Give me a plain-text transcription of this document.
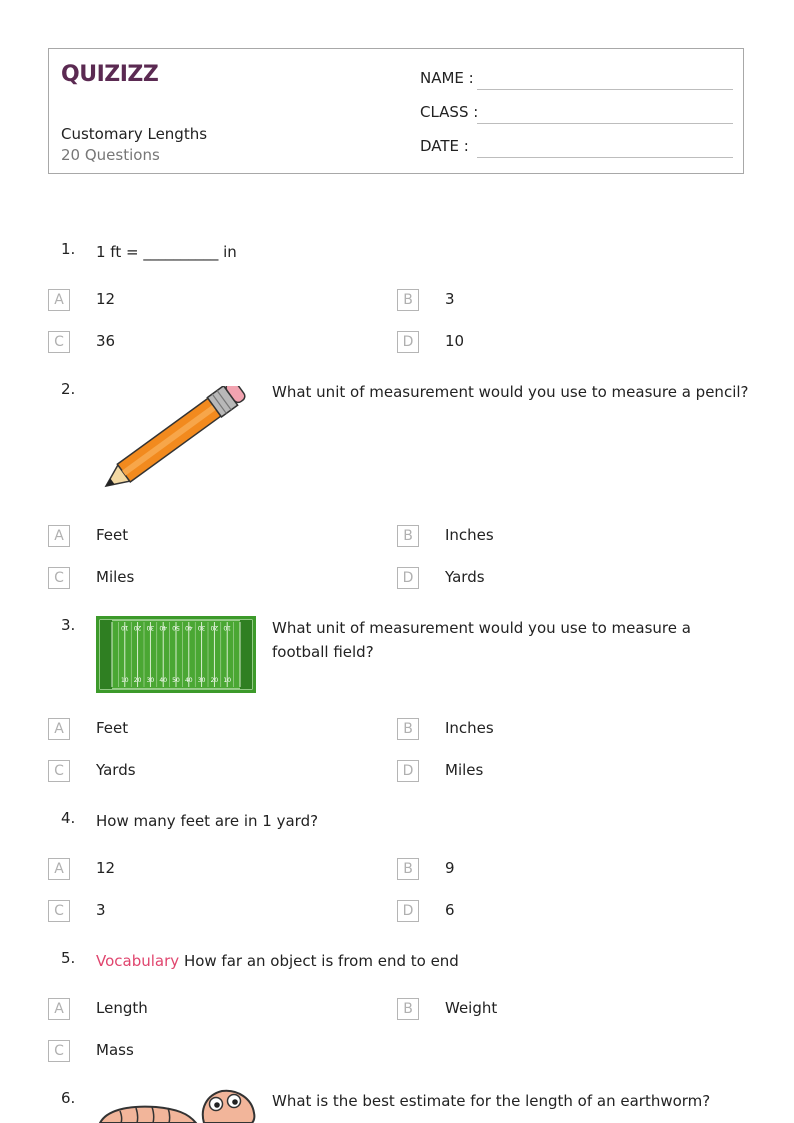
QUIZIZZ
Customary Lengths
20 Questions
NAME :
CLASS :
DATE :
1. 1 ft = __________ in
A	12	B	3
C	36	D	10
2.	What unit of measurement would you use to measure a pencil?
A	Feet	B	Inches
C	Miles	D	Yards
3.	10 20 30 40 50 40 30 20 10
10 20 30 40 50 40 30 20 10
What unit of measurement would you use to measure a football field?
A	Feet	B	Inches
C	Yards	D	Miles
4. How many feet are in 1 yard?
A	12	B	9
C	3	D	6
5. Vocabulary How far an object is from end to end
A	Length	B	Weight
C	Mass
6.	What is the best estimate for the length of an earthworm?
